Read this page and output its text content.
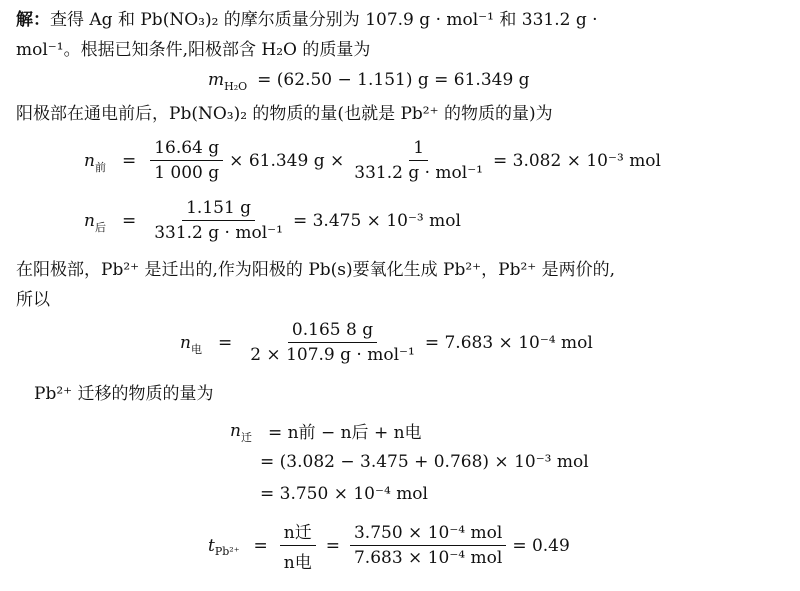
解：查得 Ag 和 Pb(NO₃)₂ 的摩尔质量分别为 107.9 g · mol⁻¹ 和 331.2 g ·
mol⁻¹。根据已知条件,阳极部含 H₂O 的质量为
m H₂O = (62.50 − 1.151) g = 61.349 g
阳极部在通电前后，Pb(NO₃)₂ 的物质的量(也就是 Pb²⁺ 的物质的量)为
n 前 = $\frac{16.64 g}{1 000 g} \times 61.349$ $g \times \frac{1}{\text{331.2 g · mol⁻¹}} = 3.082 \times 10^{-3}$ mol
n 后 = $\frac{1.151 g}{\text{331.2 g · mol⁻¹}} = 3.475 \times 10^{-3}$ mol
在阳极部，Pb²⁺ 是迁出的,作为阳极的 Pb(s)要氧化生成 Pb²⁺，Pb²⁺ 是两价的,
所以
n 电 = $\frac{0.165 8 g}{\text{2 × 107.9 g · mol⁻¹}} = 7.683 \times 10^{-4}$ mol
Pb²⁺ 迁移的物质的量为
n 迁 = n前 − n后 + n电
= (3.082 − 3.475 + 0.768) × 10⁻³ mol
= 3.750 × 10⁻⁴ mol
t $Pb^{2+} = \frac{\text{n迁}}{\text{n电}} = \frac{\text{3.750 × 10⁻⁴ mol}}{\text{7.683 × 10⁻⁴ mol}} = 0.49$
